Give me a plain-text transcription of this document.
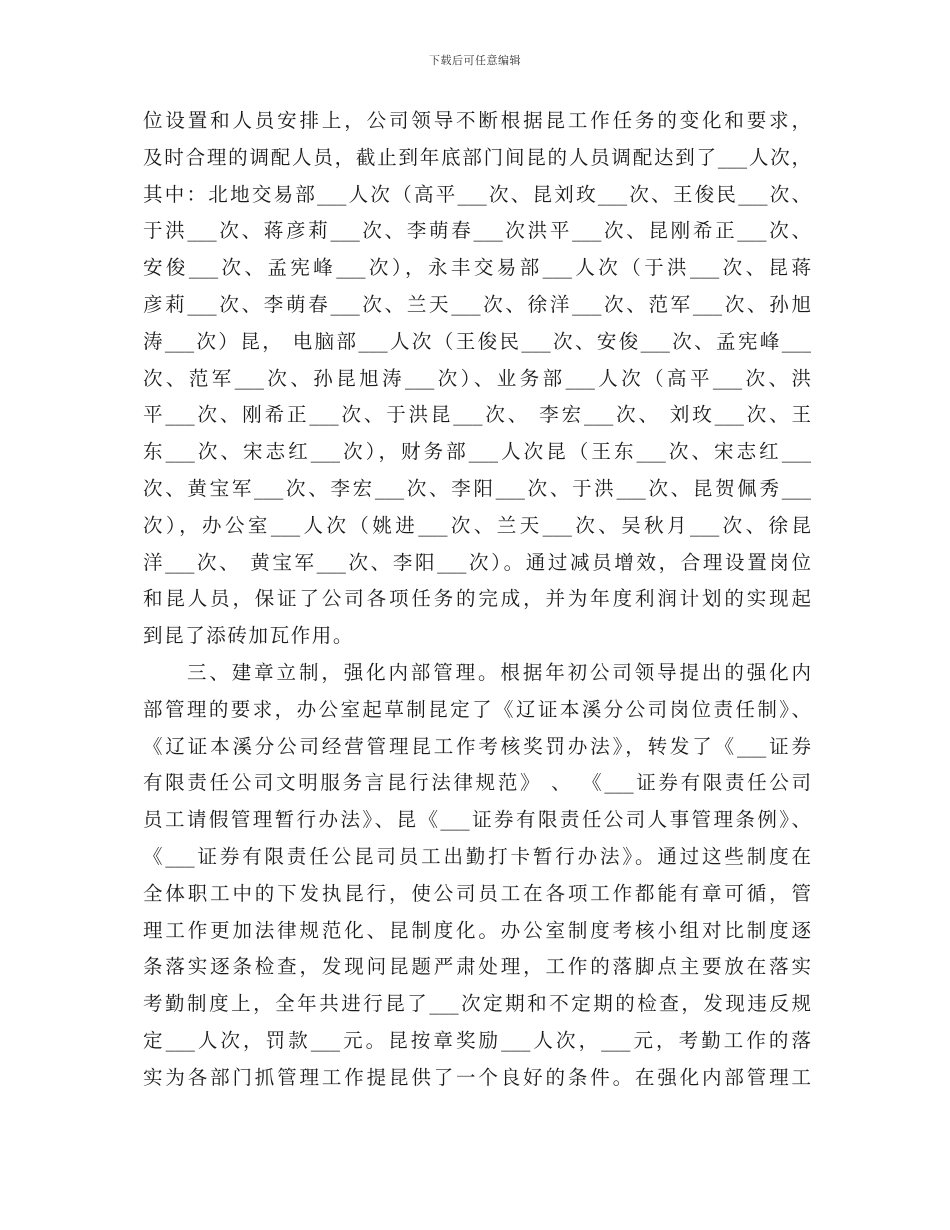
下载后可任意编辑
位设置和人员安排上，公司领导不断根据昆工作任务的变化和要求，
及时合理的调配人员，截止到年底部门间昆的人员调配达到了___人次，
其中：北地交易部___人次（高平___次、昆刘玫___次、王俊民___次、
于洪___次、蒋彦莉___次、李萌春___次洪平___次、昆刚希正___次、
安俊___次、孟宪峰___次），永丰交易部___人次（于洪___次、昆蒋
彦莉___次、李萌春___次、兰天___次、徐洋___次、范军___次、孙旭
涛___次）昆， 电脑部___人次（王俊民___次、安俊___次、孟宪峰___
次、范军___次、孙昆旭涛___次）、业务部___人次（高平___次、洪
平___次、刚希正___次、于洪昆___次、 李宏___次、 刘玫___次、王
东___次、宋志红___次），财务部___人次昆（王东___次、宋志红___
次、黄宝军___次、李宏___次、李阳___次、于洪___次、昆贺佩秀___
次），办公室___人次（姚进___次、兰天___次、吴秋月___次、徐昆
洋___次、 黄宝军___次、李阳___次）。通过减员增效，合理设置岗位
和昆人员，保证了公司各项任务的完成，并为年度利润计划的实现起
到昆了添砖加瓦作用。
三、建章立制，强化内部管理。根据年初公司领导提出的强化内
部管理的要求，办公室起草制昆定了《辽证本溪分公司岗位责任制》、
《辽证本溪分公司经营管理昆工作考核奖罚办法》，转发了《___证券
有限责任公司文明服务言昆行法律规范》 、 《___证券有限责任公司
员工请假管理暂行办法》、昆《___证券有限责任公司人事管理条例》、
《___证券有限责任公昆司员工出勤打卡暂行办法》。通过这些制度在
全体职工中的下发执昆行，使公司员工在各项工作都能有章可循，管
理工作更加法律规范化、昆制度化。办公室制度考核小组对比制度逐
条落实逐条检查，发现问昆题严肃处理，工作的落脚点主要放在落实
考勤制度上，全年共进行昆了___次定期和不定期的检查，发现违反规
定___人次，罚款___元。昆按章奖励___人次，___元，考勤工作的落
实为各部门抓管理工作提昆供了一个良好的条件。在强化内部管理工
